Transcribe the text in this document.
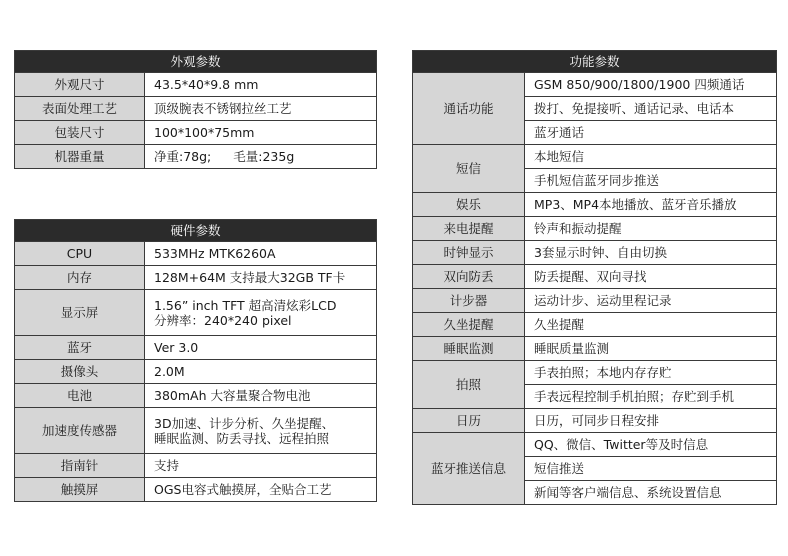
外观参数	
外观尺寸	43.5*40*9.8 mm
表面处理工艺	顶级腕表不锈钢拉丝工艺
包装尺寸	100*100*75mm
机器重量	净重:78g; 毛量:235g
硬件参数	
CPU	533MHz MTK6260A
内存	128M+64M 支持最大32GB TF卡
显示屏	1.56” inch TFT 超高清炫彩LCD
分辨率：240*240 pixel

蓝牙	Ver 3.0
摄像头	2.0M
电池	380mAh 大容量聚合物电池
加速度传感器	3D加速、计步分析、久坐提醒、
睡眠监测、防丢寻找、远程拍照

指南针	支持
触摸屏	OGS电容式触摸屏，全贴合工艺
功能参数	
通话功能	GSM 850/900/1800/1900 四频通话
	拨打、免提接听、通话记录、电话本
	蓝牙通话
短信	本地短信
	手机短信蓝牙同步推送
娱乐	MP3、MP4本地播放、蓝牙音乐播放
来电提醒	铃声和振动提醒
时钟显示	3套显示时钟、自由切换
双向防丢	防丢提醒、双向寻找
计步器	运动计步、运动里程记录
久坐提醒	久坐提醒
睡眠监测	睡眠质量监测
拍照	手表拍照；本地内存存贮
	手表远程控制手机拍照；存贮到手机
日历	日历，可同步日程安排
蓝牙推送信息	QQ、微信、Twitter等及时信息
	短信推送
	新闻等客户端信息、系统设置信息
